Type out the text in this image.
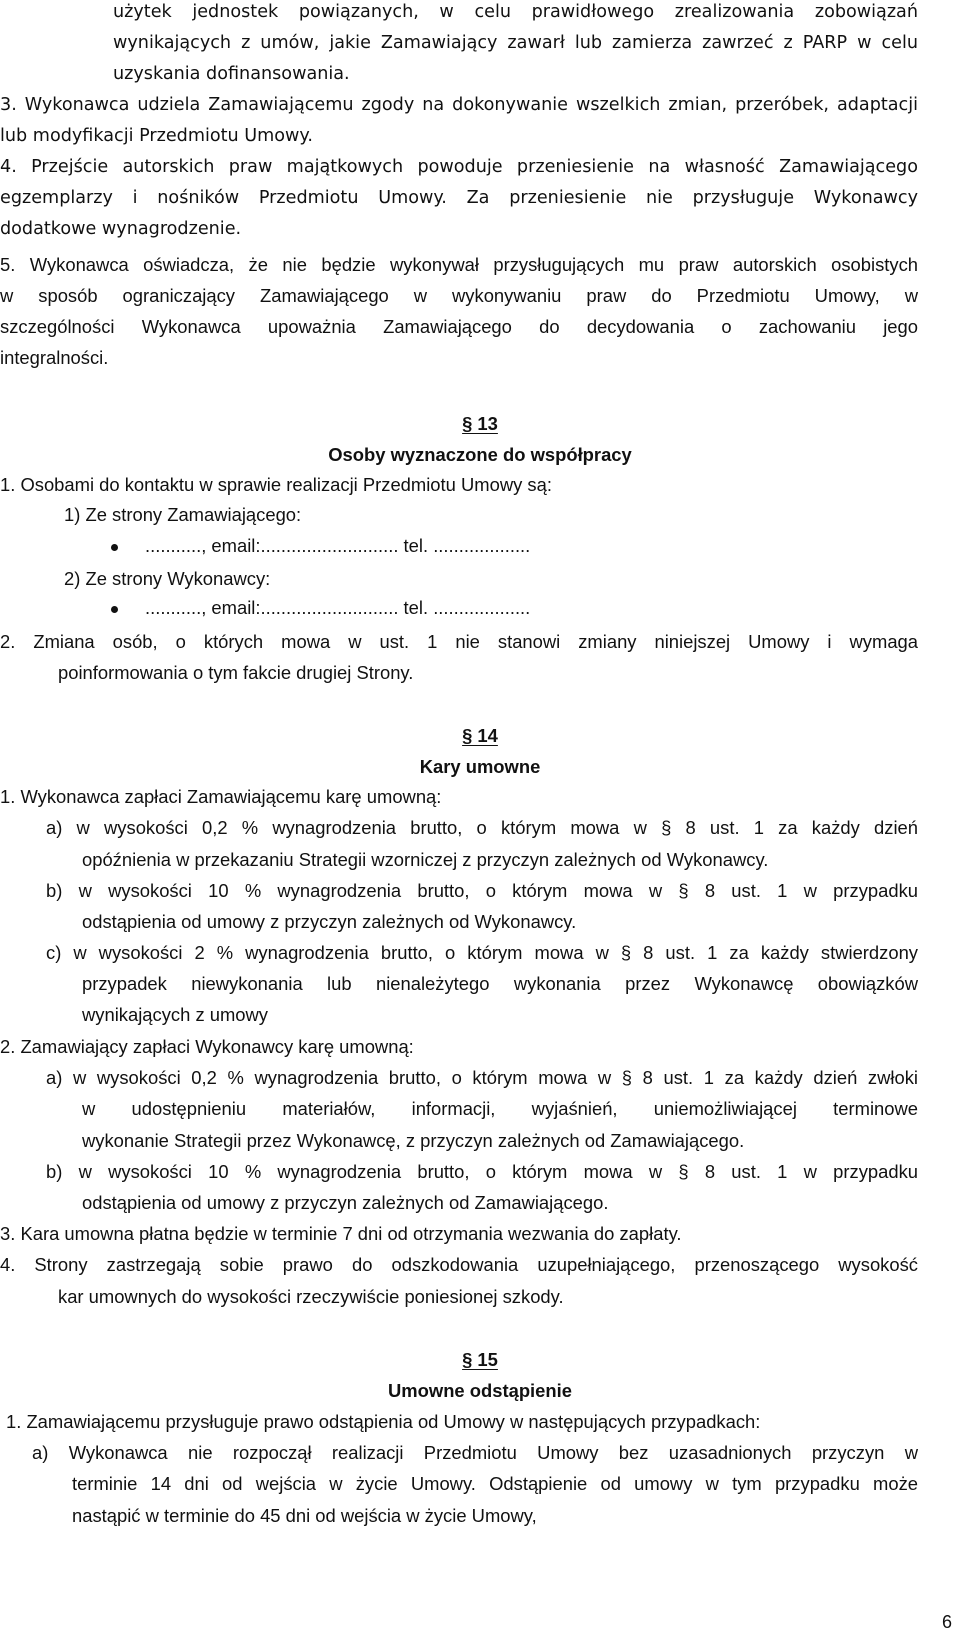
użytek jednostek powiązanych, w celu prawidłowego zrealizowania zobowiązań
wynikających z umów, jakie Zamawiający zawarł lub zamierza zawrzeć z PARP w celu
uzyskania dofinansowania.
3. Wykonawca udziela Zamawiającemu zgody na dokonywanie wszelkich zmian, przeróbek, adaptacji
lub modyfikacji Przedmiotu Umowy.
4. Przejście autorskich praw majątkowych powoduje przeniesienie na własność Zamawiającego
egzemplarzy i nośników Przedmiotu Umowy. Za przeniesienie nie przysługuje Wykonawcy
dodatkowe wynagrodzenie.
5. Wykonawca oświadcza, że nie będzie wykonywał przysługujących mu praw autorskich osobistych
w sposób ograniczający Zamawiającego w wykonywaniu praw do Przedmiotu Umowy, w
szczególności Wykonawca upoważnia Zamawiającego do decydowania o zachowaniu jego
integralności.
§ 13
Osoby wyznaczone do współpracy
1. Osobami do kontaktu w sprawie realizacji Przedmiotu Umowy są:
1) Ze strony Zamawiającego:
..........., email:........................... tel. ...................
2) Ze strony Wykonawcy:
..........., email:........................... tel. ...................
2. Zmiana osób, o których mowa w ust. 1 nie stanowi zmiany niniejszej Umowy i wymaga
poinformowania o tym fakcie drugiej Strony.
§ 14
Kary umowne
1. Wykonawca zapłaci Zamawiającemu karę umowną:
a) w wysokości 0,2 % wynagrodzenia brutto, o którym mowa w § 8 ust. 1 za każdy dzień
opóźnienia w przekazaniu Strategii wzorniczej z przyczyn zależnych od Wykonawcy.
b) w wysokości 10 % wynagrodzenia brutto, o którym mowa w § 8 ust. 1 w przypadku
odstąpienia od umowy z przyczyn zależnych od Wykonawcy.
c) w wysokości 2 % wynagrodzenia brutto, o którym mowa w § 8 ust. 1 za każdy stwierdzony
przypadek niewykonania lub nienależytego wykonania przez Wykonawcę obowiązków
wynikających z umowy
2. Zamawiający zapłaci Wykonawcy karę umowną:
a) w wysokości 0,2 % wynagrodzenia brutto, o którym mowa w § 8 ust. 1 za każdy dzień zwłoki
w udostępnieniu materiałów, informacji, wyjaśnień, uniemożliwiającej terminowe
wykonanie Strategii przez Wykonawcę, z przyczyn zależnych od Zamawiającego.
b) w wysokości 10 % wynagrodzenia brutto, o którym mowa w § 8 ust. 1 w przypadku
odstąpienia od umowy z przyczyn zależnych od Zamawiającego.
3. Kara umowna płatna będzie w terminie 7 dni od otrzymania wezwania do zapłaty.
4. Strony zastrzegają sobie prawo do odszkodowania uzupełniającego, przenoszącego wysokość
kar umownych do wysokości rzeczywiście poniesionej szkody.
§ 15
Umowne odstąpienie
1. Zamawiającemu przysługuje prawo odstąpienia od Umowy w następujących przypadkach:
a) Wykonawca nie rozpoczął realizacji Przedmiotu Umowy bez uzasadnionych przyczyn w
terminie 14 dni od wejścia w życie Umowy. Odstąpienie od umowy w tym przypadku może
nastąpić w terminie do 45 dni od wejścia w życie Umowy,
6
